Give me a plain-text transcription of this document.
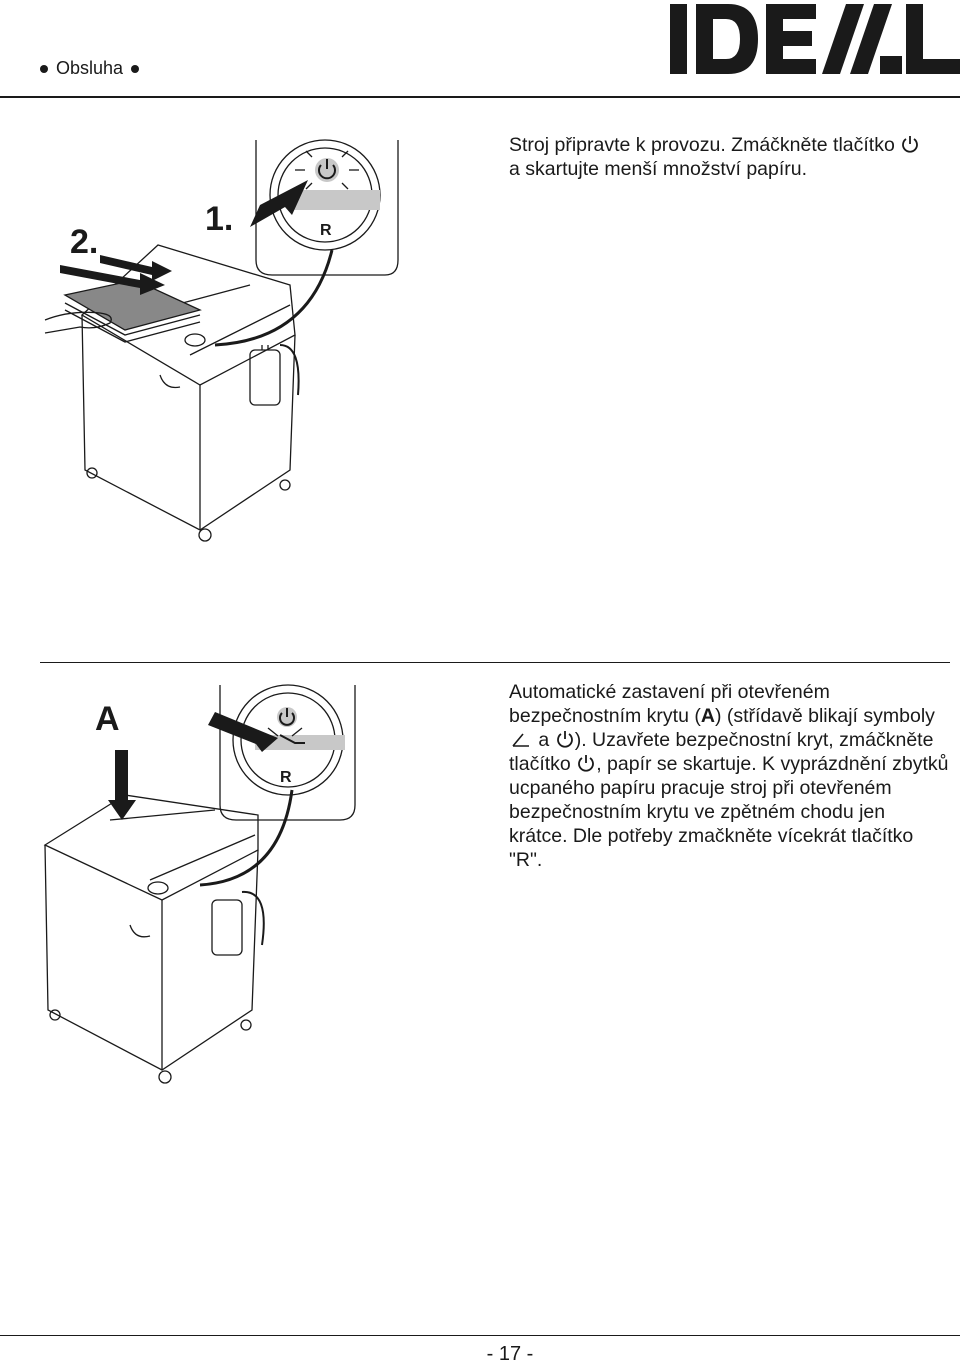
Obsluha
R
1.
2.
Stroj připravte k provozu. Zmáčkněte tlačítko  a skartujte menší množství papíru.
R
A
Automatické zastavení při otevřeném bezpečnostním krytu (A) (střídavě blikají symboly  a ). Uzavřete bezpečnostní kryt, zmáčkněte tlačítko , papír se skartuje. K vyprázdnění zbytků ucpaného papíru pracuje stroj při otevřeném bezpečnostním krytu ve zpětném chodu jen krátce. Dle potřeby zmačkněte vícekrát tlačítko "R".
- 17 -
